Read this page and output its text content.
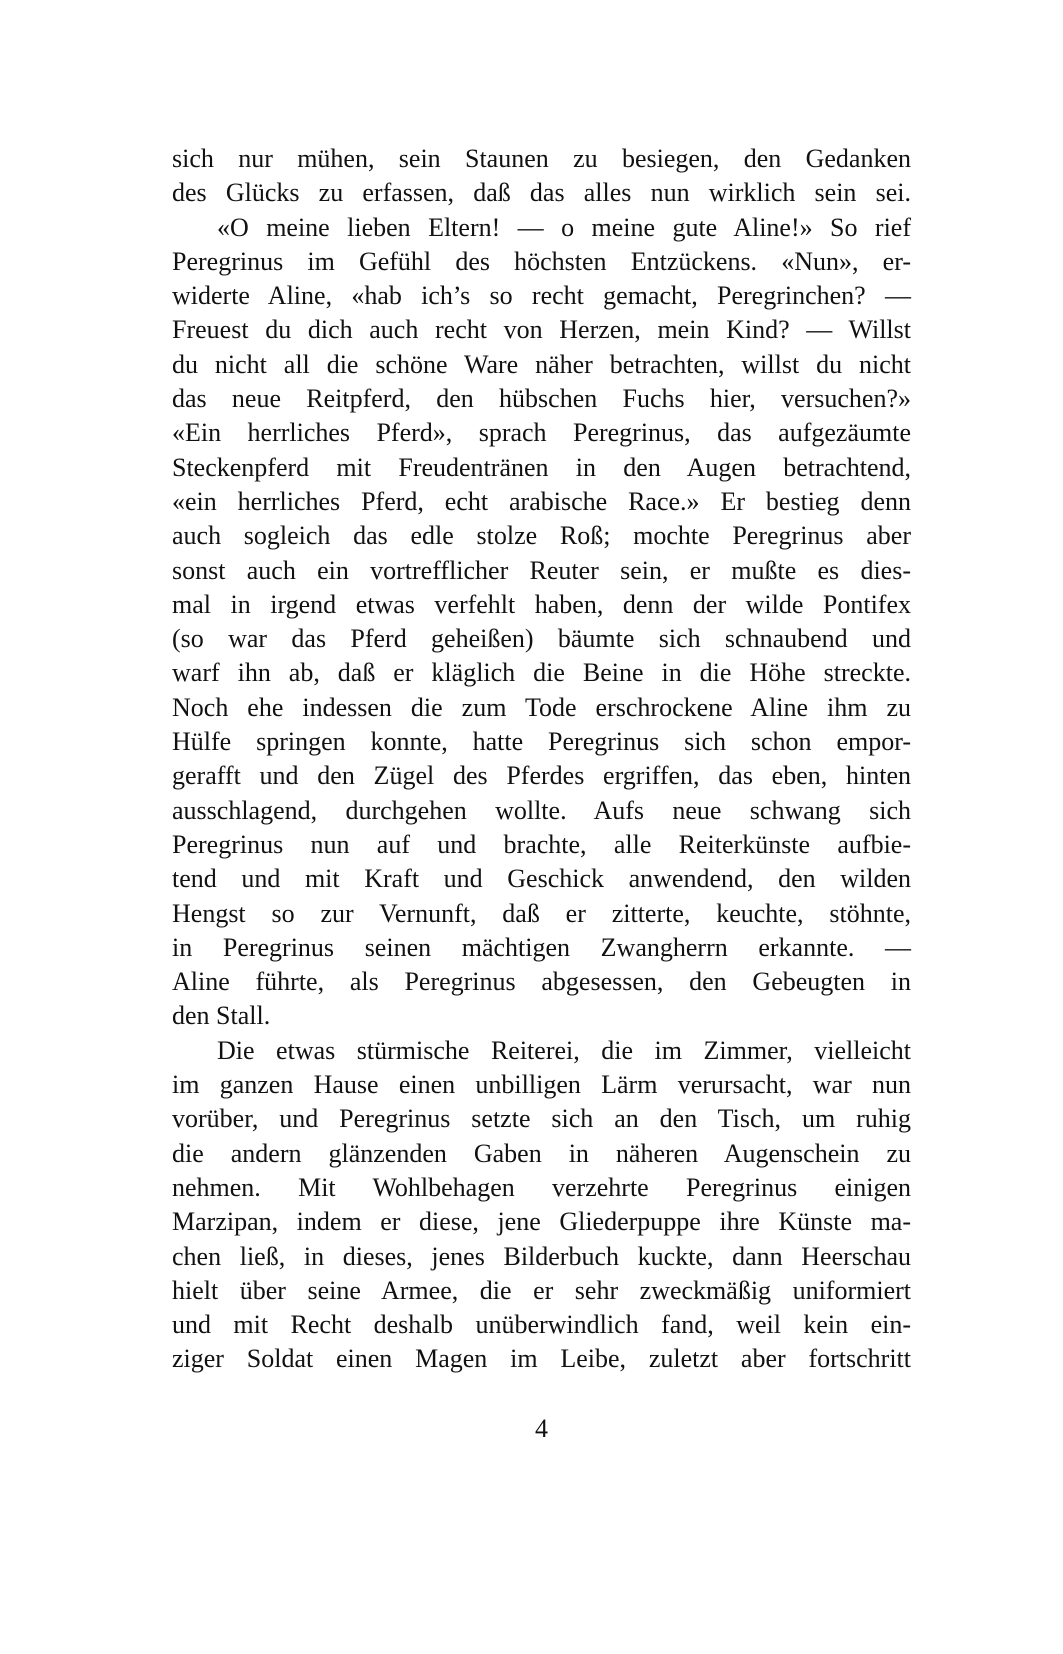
sich nur mühen, sein Staunen zu besiegen, den Gedanken
des Glücks zu erfassen, daß das alles nun wirklich sein sei.
«O meine lieben Eltern! — o meine gute Aline!» So rief
Peregrinus im Gefühl des höchsten Entzückens. «Nun», er-
widerte Aline, «hab ich’s so recht gemacht, Peregrinchen? —
Freuest du dich auch recht von Herzen, mein Kind? — Willst
du nicht all die schöne Ware näher betrachten, willst du nicht
das neue Reitpferd, den hübschen Fuchs hier, versuchen?»
«Ein herrliches Pferd», sprach Peregrinus, das aufgezäumte
Steckenpferd mit Freudentränen in den Augen betrachtend,
«ein herrliches Pferd, echt arabische Race.» Er bestieg denn
auch sogleich das edle stolze Roß; mochte Peregrinus aber
sonst auch ein vortrefflicher Reuter sein, er mußte es dies-
mal in irgend etwas verfehlt haben, denn der wilde Pontifex
(so war das Pferd geheißen) bäumte sich schnaubend und
warf ihn ab, daß er kläglich die Beine in die Höhe streckte.
Noch ehe indessen die zum Tode erschrockene Aline ihm zu
Hülfe springen konnte, hatte Peregrinus sich schon empor-
gerafft und den Zügel des Pferdes ergriffen, das eben, hinten
ausschlagend, durchgehen wollte. Aufs neue schwang sich
Peregrinus nun auf und brachte, alle Reiterkünste aufbie-
tend und mit Kraft und Geschick anwendend, den wilden
Hengst so zur Vernunft, daß er zitterte, keuchte, stöhnte,
in Peregrinus seinen mächtigen Zwangherrn erkannte. —
Aline führte, als Peregrinus abgesessen, den Gebeugten in
den Stall.
Die etwas stürmische Reiterei, die im Zimmer, vielleicht
im ganzen Hause einen unbilligen Lärm verursacht, war nun
vorüber, und Peregrinus setzte sich an den Tisch, um ruhig
die andern glänzenden Gaben in näheren Augenschein zu
nehmen. Mit Wohlbehagen verzehrte Peregrinus einigen
Marzipan, indem er diese, jene Gliederpuppe ihre Künste ma-
chen ließ, in dieses, jenes Bilderbuch kuckte, dann Heerschau
hielt über seine Armee, die er sehr zweckmäßig uniformiert
und mit Recht deshalb unüberwindlich fand, weil kein ein-
ziger Soldat einen Magen im Leibe, zuletzt aber fortschritt
4
